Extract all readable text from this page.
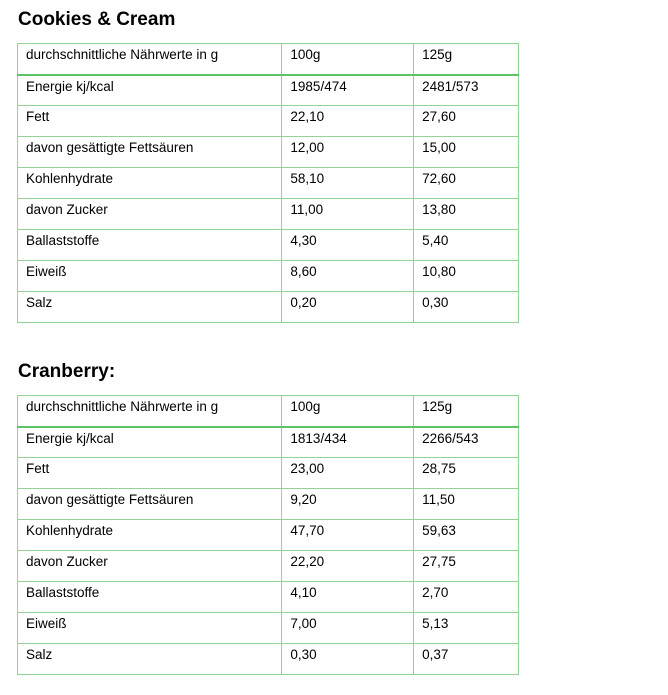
Cookies & Cream
durchschnittliche Nährwerte in g	100g	125g
Energie kj/kcal	1985/474	2481/573
Fett	22,10	27,60
davon gesättigte Fettsäuren	12,00	15,00
Kohlenhydrate	58,10	72,60
davon Zucker	11,00	13,80
Ballaststoffe	4,30	5,40
Eiweiß	8,60	10,80
Salz	0,20	0,30
Cranberry:
durchschnittliche Nährwerte in g	100g	125g
Energie kj/kcal	1813/434	2266/543
Fett	23,00	28,75
davon gesättigte Fettsäuren	9,20	11,50
Kohlenhydrate	47,70	59,63
davon Zucker	22,20	27,75
Ballaststoffe	4,10	2,70
Eiweiß	7,00	5,13
Salz	0,30	0,37
